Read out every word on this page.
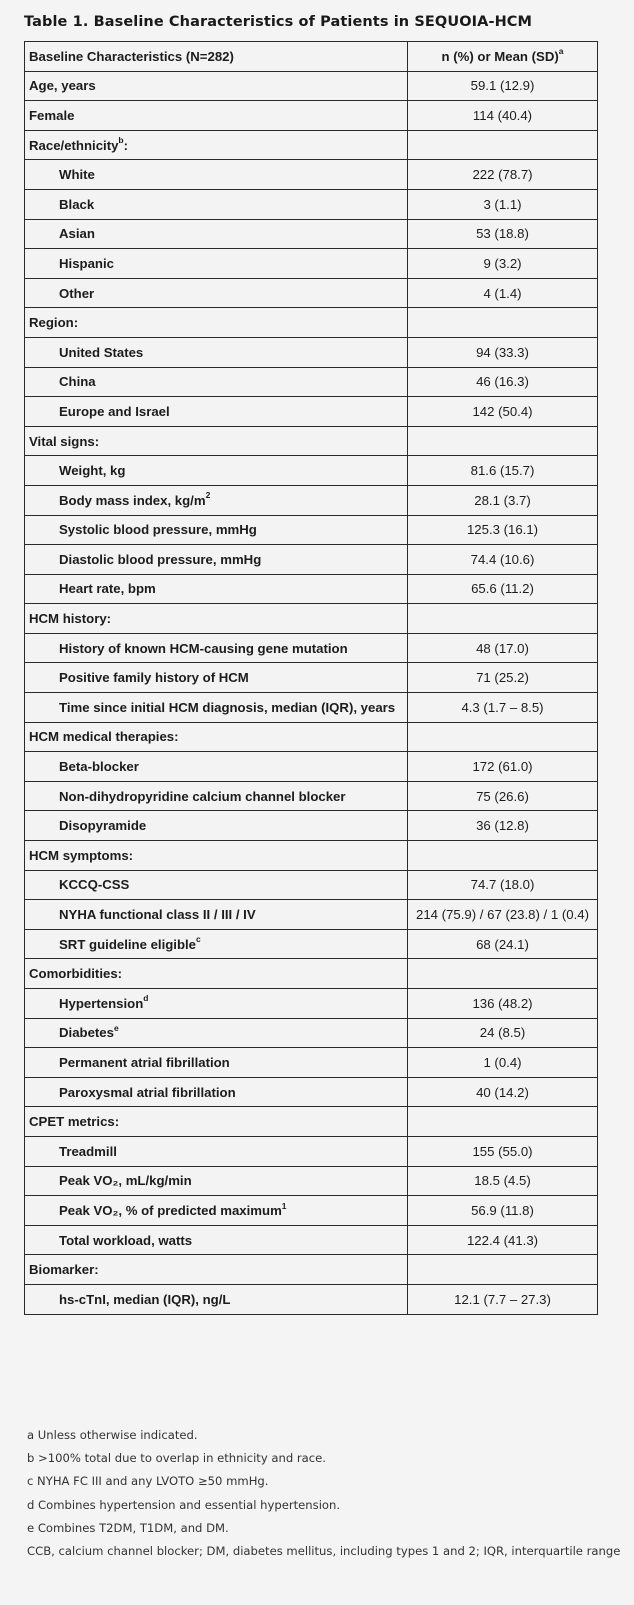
Table 1. Baseline Characteristics of Patients in SEQUOIA-HCM
Baseline Characteristics (N=282)	n (%) or Mean (SD)$^a$
Age, years	59.1 (12.9)
Female	114 (40.4)
Race/ethnicity$^b$:	
White	222 (78.7)
Black	3 (1.1)
Asian	53 (18.8)
Hispanic	9 (3.2)
Other	4 (1.4)
Region:	
United States	94 (33.3)
China	46 (16.3)
Europe and Israel	142 (50.4)
Vital signs:	
Weight, kg	81.6 (15.7)
Body mass index, $kg/m^2$	28.1 (3.7)
Systolic blood pressure, mmHg	125.3 (16.1)
Diastolic blood pressure, mmHg	74.4 (10.6)
Heart rate, bpm	65.6 (11.2)
HCM history:	
History of known HCM-causing gene mutation	48 (17.0)
Positive family history of HCM	71 (25.2)
Time since initial HCM diagnosis, median (IQR), years	4.3 (1.7 – 8.5)
HCM medical therapies:	
Beta-blocker	172 (61.0)
Non-dihydropyridine calcium channel blocker	75 (26.6)
Disopyramide	36 (12.8)
HCM symptoms:	
KCCQ-CSS	74.7 (18.0)
NYHA functional class II / III / IV	214 (75.9) / 67 (23.8) / 1 (0.4)
SRT guideline eligible$^c$	68 (24.1)
Comorbidities:	
Hypertension$^d$	136 (48.2)
Diabetes$^e$	24 (8.5)
Permanent atrial fibrillation	1 (0.4)
Paroxysmal atrial fibrillation	40 (14.2)
CPET metrics:	
Treadmill	155 (55.0)
Peak VO₂, mL/kg/min	18.5 (4.5)
Peak VO₂, % of predicted maximum$^1$	56.9 (11.8)
Total workload, watts	122.4 (41.3)
Biomarker:	
hs-cTnI, median (IQR), ng/L	12.1 (7.7 – 27.3)
a Unless otherwise indicated.
b >100% total due to overlap in ethnicity and race.
c NYHA FC III and any LVOTO ≥50 mmHg.
d Combines hypertension and essential hypertension.
e Combines T2DM, T1DM, and DM.
CCB, calcium channel blocker; DM, diabetes mellitus, including types 1 and 2; IQR, interquartile range
